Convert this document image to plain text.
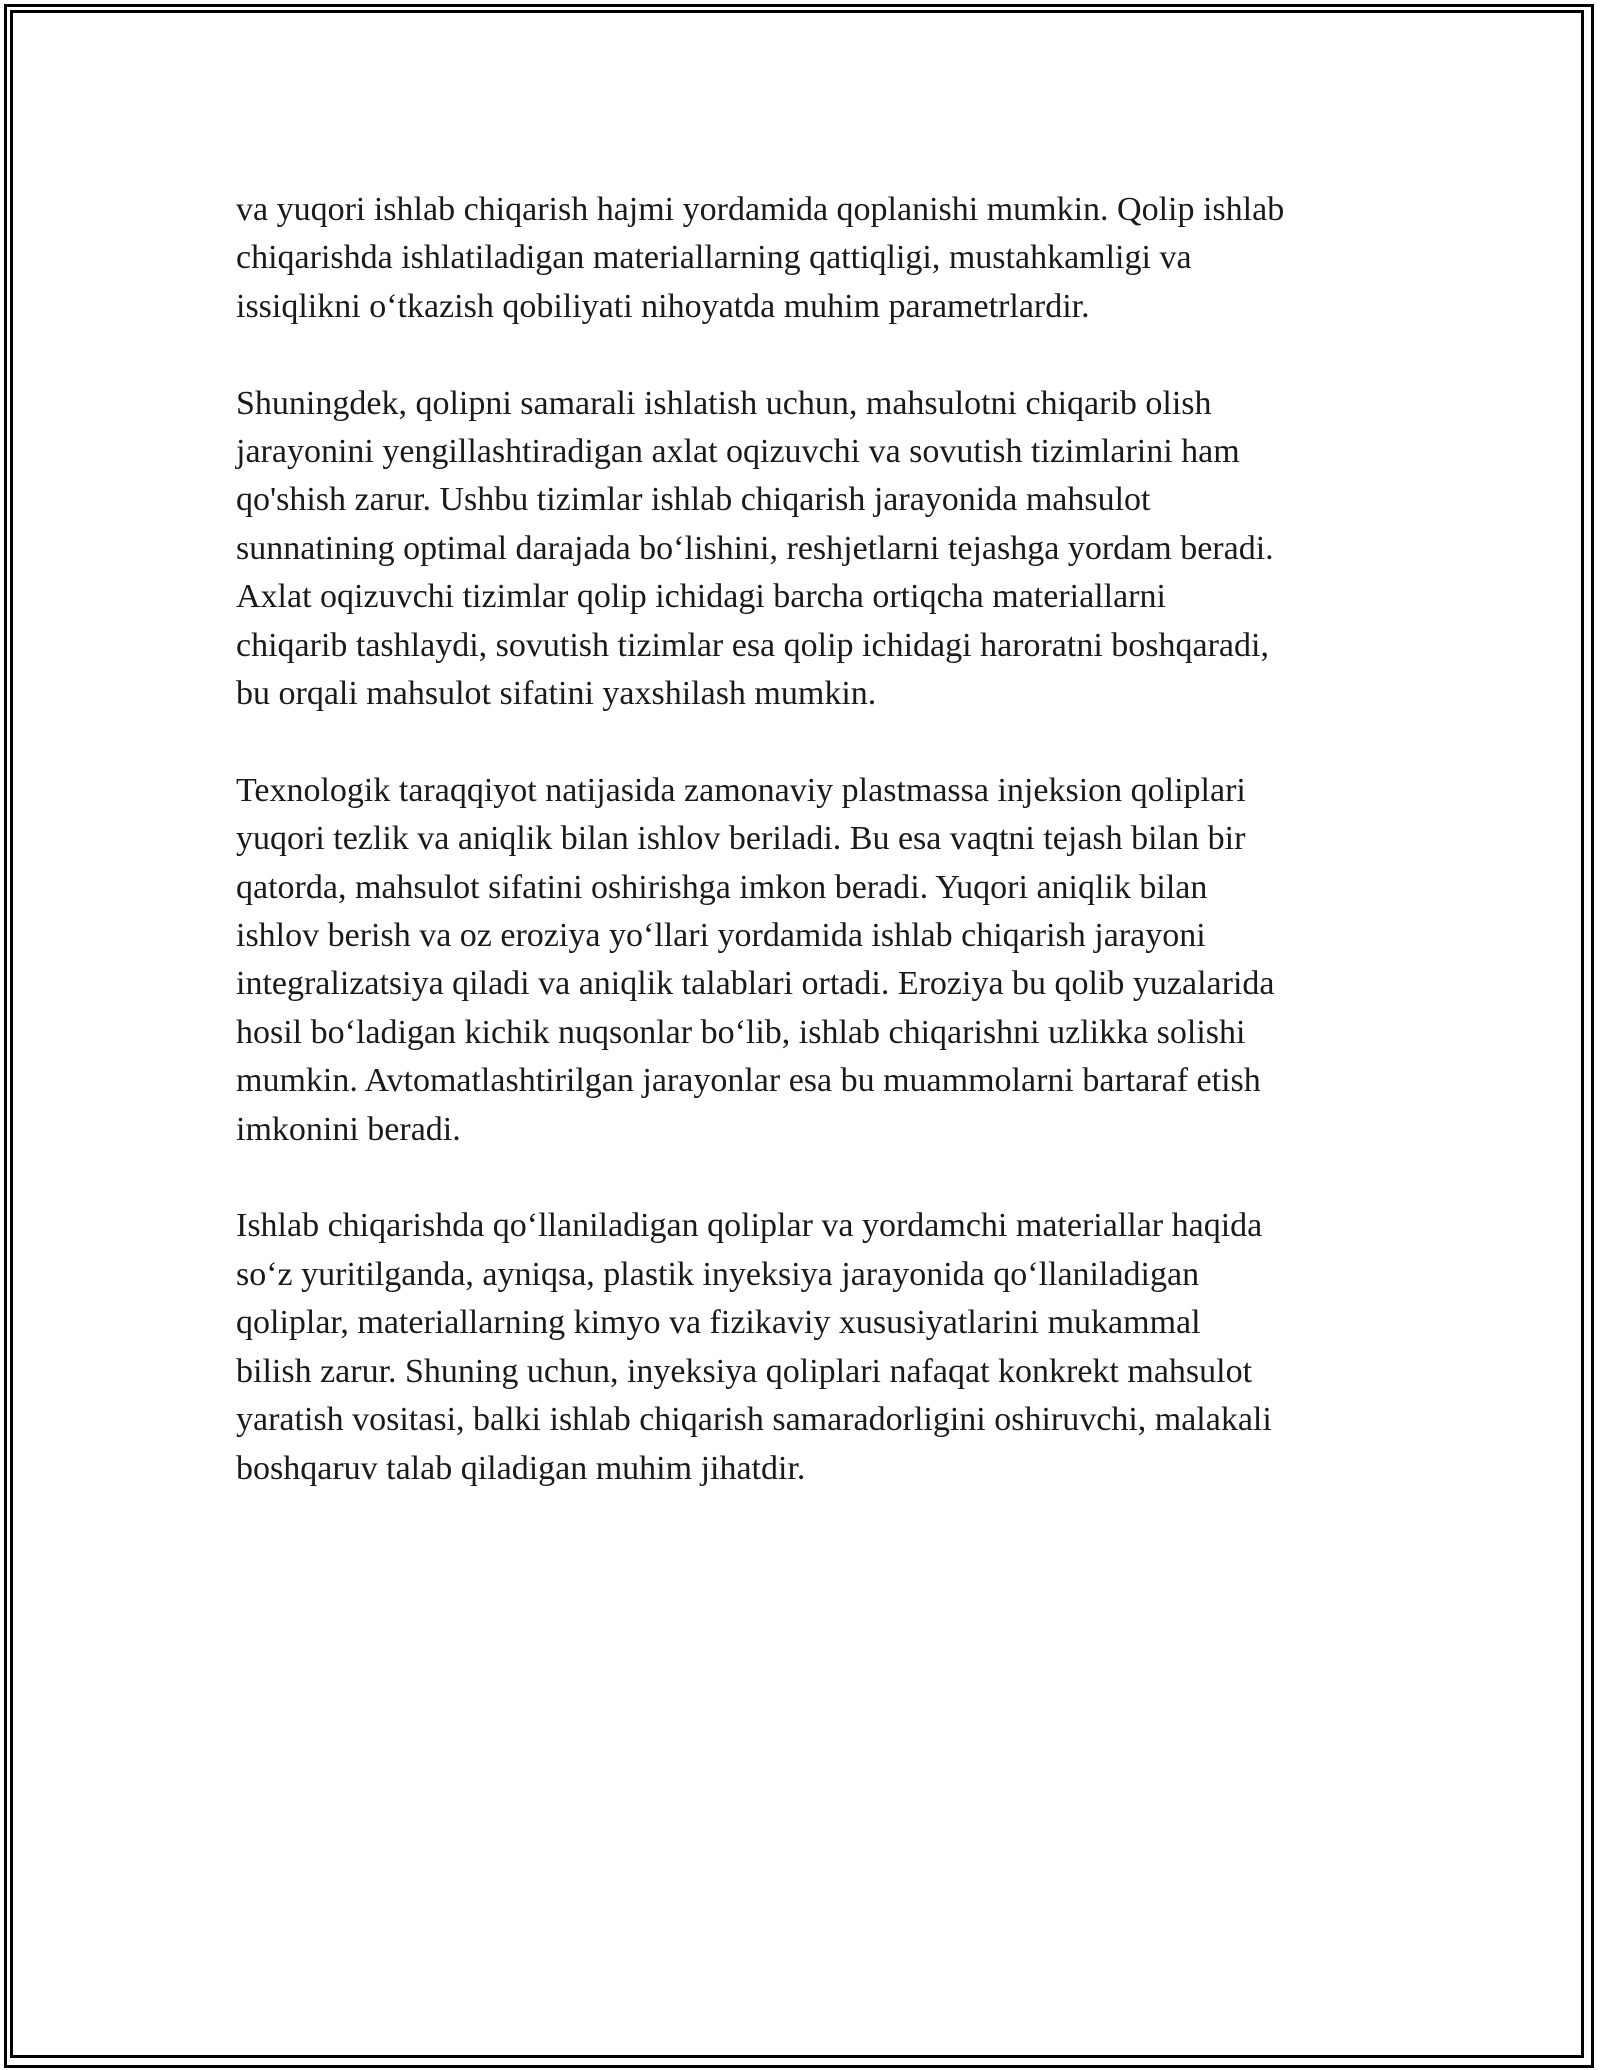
va yuqori ishlab chiqarish hajmi yordamida qoplanishi mumkin. Qolip ishlab
chiqarishda ishlatiladigan materiallarning qattiqligi, mustahkamligi va
issiqlikni oʻtkazish qobiliyati nihoyatda muhim parametrlardir.

Shuningdek, qolipni samarali ishlatish uchun, mahsulotni chiqarib olish
jarayonini yengillashtiradigan axlat oqizuvchi va sovutish tizimlarini ham
qo'shish zarur. Ushbu tizimlar ishlab chiqarish jarayonida mahsulot
sunnatining optimal darajada boʻlishini, reshjetlarni tejashga yordam beradi.
Axlat oqizuvchi tizimlar qolip ichidagi barcha ortiqcha materiallarni
chiqarib tashlaydi, sovutish tizimlar esa qolip ichidagi haroratni boshqaradi,
bu orqali mahsulot sifatini yaxshilash mumkin.

Texnologik taraqqiyot natijasida zamonaviy plastmassa injeksion qoliplari
yuqori tezlik va aniqlik bilan ishlov beriladi. Bu esa vaqtni tejash bilan bir
qatorda, mahsulot sifatini oshirishga imkon beradi. Yuqori aniqlik bilan
ishlov berish va oz eroziya yoʻllari yordamida ishlab chiqarish jarayoni
integralizatsiya qiladi va aniqlik talablari ortadi. Eroziya bu qolib yuzalarida
hosil boʻladigan kichik nuqsonlar boʻlib, ishlab chiqarishni uzlikka solishi
mumkin. Avtomatlashtirilgan jarayonlar esa bu muammolarni bartaraf etish
imkonini beradi.

Ishlab chiqarishda qoʻllaniladigan qoliplar va yordamchi materiallar haqida
soʻz yuritilganda, ayniqsa, plastik inyeksiya jarayonida qoʻllaniladigan
qoliplar, materiallarning kimyo va fizikaviy xususiyatlarini mukammal
bilish zarur. Shuning uchun, inyeksiya qoliplari nafaqat konkrekt mahsulot
yaratish vositasi, balki ishlab chiqarish samaradorligini oshiruvchi, malakali
boshqaruv talab qiladigan muhim jihatdir.
